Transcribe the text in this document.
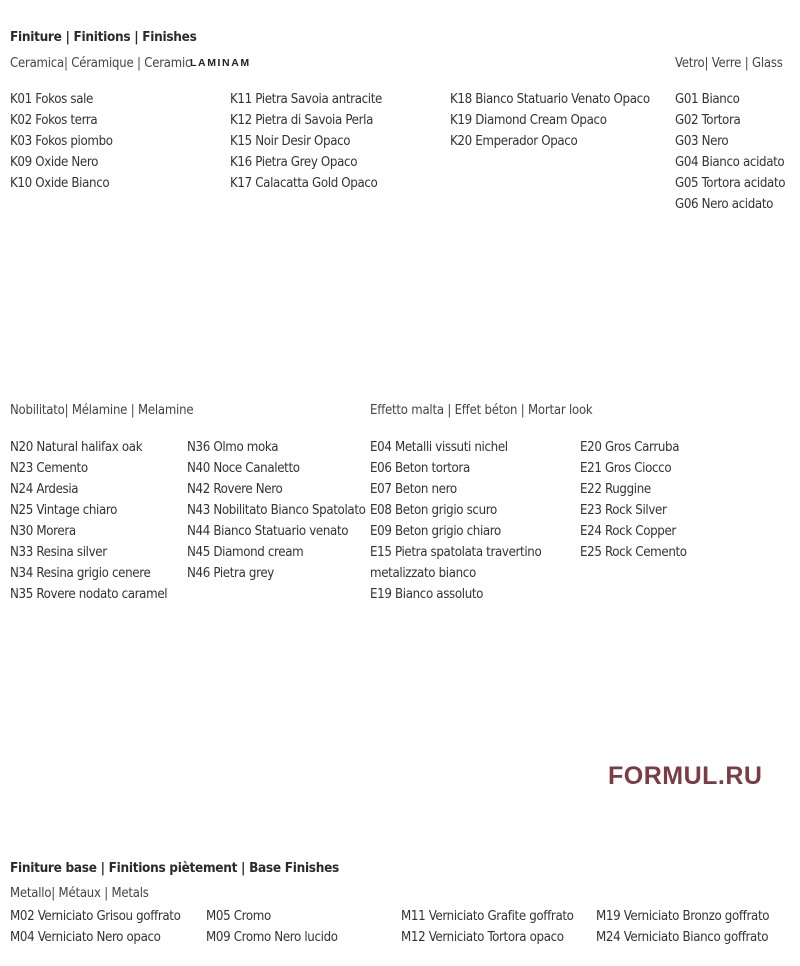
Finiture | Finitions | Finishes
Ceramica| Céramique | Ceramic
LAMINAM	Vetro| Verre | Glass
K01 Fokos sale
K02 Fokos terra
K03 Fokos piombo
K09 Oxide Nero
K10 Oxide Bianco
K11 Pietra Savoia antracite
K12 Pietra di Savoia Perla
K15 Noir Desir Opaco
K16 Pietra Grey Opaco
K17 Calacatta Gold Opaco
K18 Bianco Statuario Venato Opaco
K19 Diamond Cream Opaco
K20 Emperador Opaco
G01 Bianco
G02 Tortora
G03 Nero
G04 Bianco acidato
G05 Tortora acidato
G06 Nero acidato
Nobilitato| Mélamine | Melamine
N20 Natural halifax oak
N23 Cemento
N24 Ardesia
N25 Vintage chiaro
N30 Morera
N33 Resina silver
N34 Resina grigio cenere
N35 Rovere nodato caramel
N36 Olmo moka
N40 Noce Canaletto
N42 Rovere Nero
N43 Nobilitato Bianco Spatolato
N44 Bianco Statuario venato
N45 Diamond cream
N46 Pietra grey
Effetto malta | Effet béton | Mortar look
E04 Metalli vissuti nichel
E06 Beton tortora
E07 Beton nero
E08 Beton grigio scuro
E09 Beton grigio chiaro
E15 Pietra spatolata travertino
metalizzato bianco
E19 Bianco assoluto
E20 Gros Carruba
E21 Gros Ciocco
E22 Ruggine
E23 Rock Silver
E24 Rock Copper
E25 Rock Cemento
FORMUL.RU
Finiture base | Finitions piètement | Base Finishes
Metallo| Métaux | Metals
M02 Verniciato Grisou goffrato
M04 Verniciato Nero opaco
M05 Cromo
M09 Cromo Nero lucido
M11 Verniciato Grafite goffrato
M12 Verniciato Tortora opaco
M19 Verniciato Bronzo goffrato
M24 Verniciato Bianco goffrato
